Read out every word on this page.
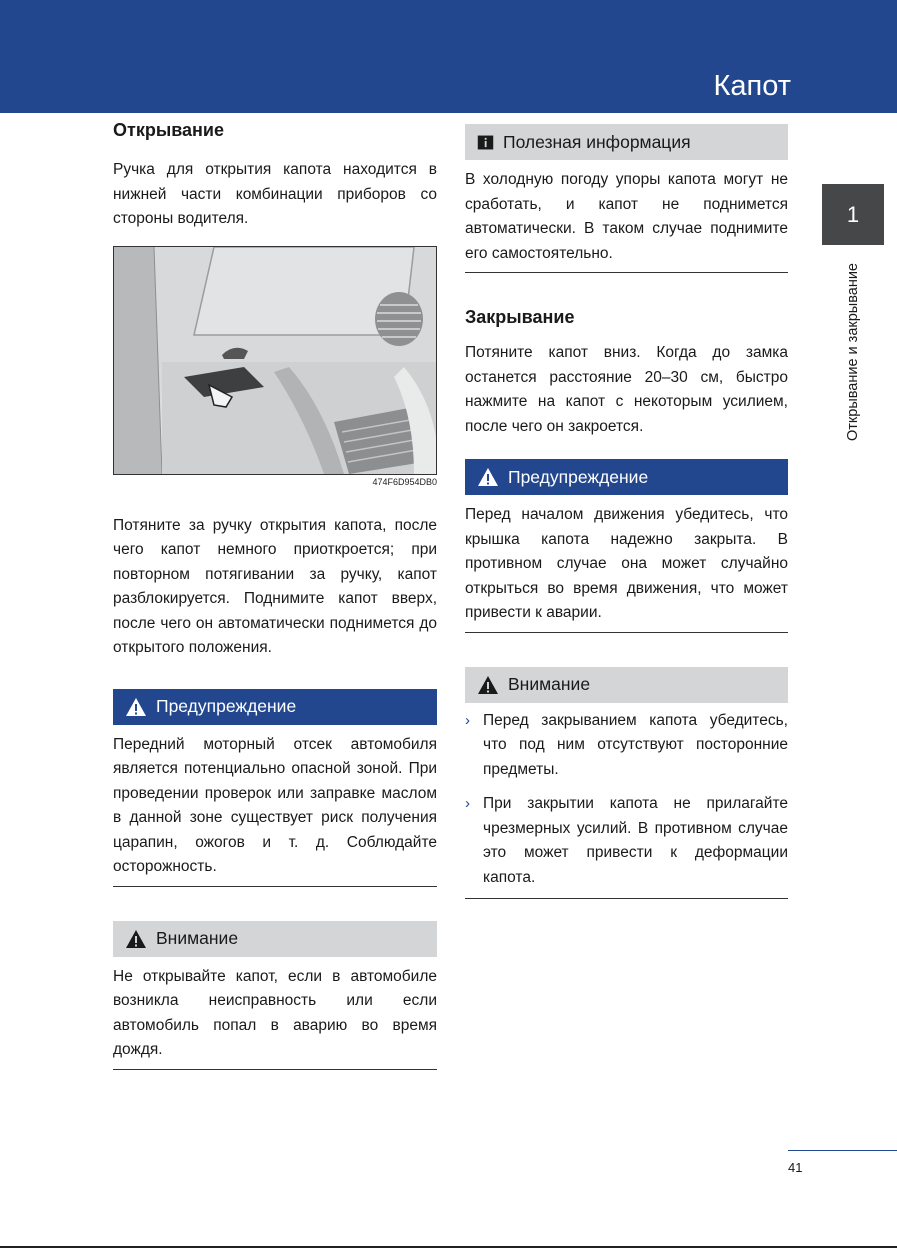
Капот
1
Открывание и закрывание
Открывание

Ручка для открытия капота находится в нижней части комбинации приборов со стороны водителя.

474F6D954DB0

Потяните за ручку открытия капота, после чего капот немного приоткроется; при повторном потягивании за ручку, капот разблокируется. Поднимите капот вверх, после чего он автоматически поднимется до открытого положения.

Предупреждение

Передний моторный отсек автомобиля является потенциально опасной зоной. При проведении проверок или заправке маслом в данной зоне существует риск получения царапин, ожогов и т. д. Соблюдайте осторожность.

Внимание

Не открывайте капот, если в автомобиле возникла неисправность или если автомобиль попал в аварию во время дождя.

Полезная информация

В холодную погоду упоры капота могут не сработать, и капот не поднимется автоматически. В таком случае поднимите его самостоятельно.

Закрывание

Потяните капот вниз. Когда до замка останется расстояние 20–30 см, быстро нажмите на капот с некоторым усилием, после чего он закроется.

Предупреждение

Перед началом движения убедитесь, что крышка капота надежно закрыта. В противном случае она может случайно открыться во время движения, что может привести к аварии.

Внимание
› Перед закрыванием капота убедитесь, что под ним отсутствуют посторонние предметы.

› При закрытии капота не прилагайте чрезмерных усилий. В противном случае это может привести к деформации капота.

41
